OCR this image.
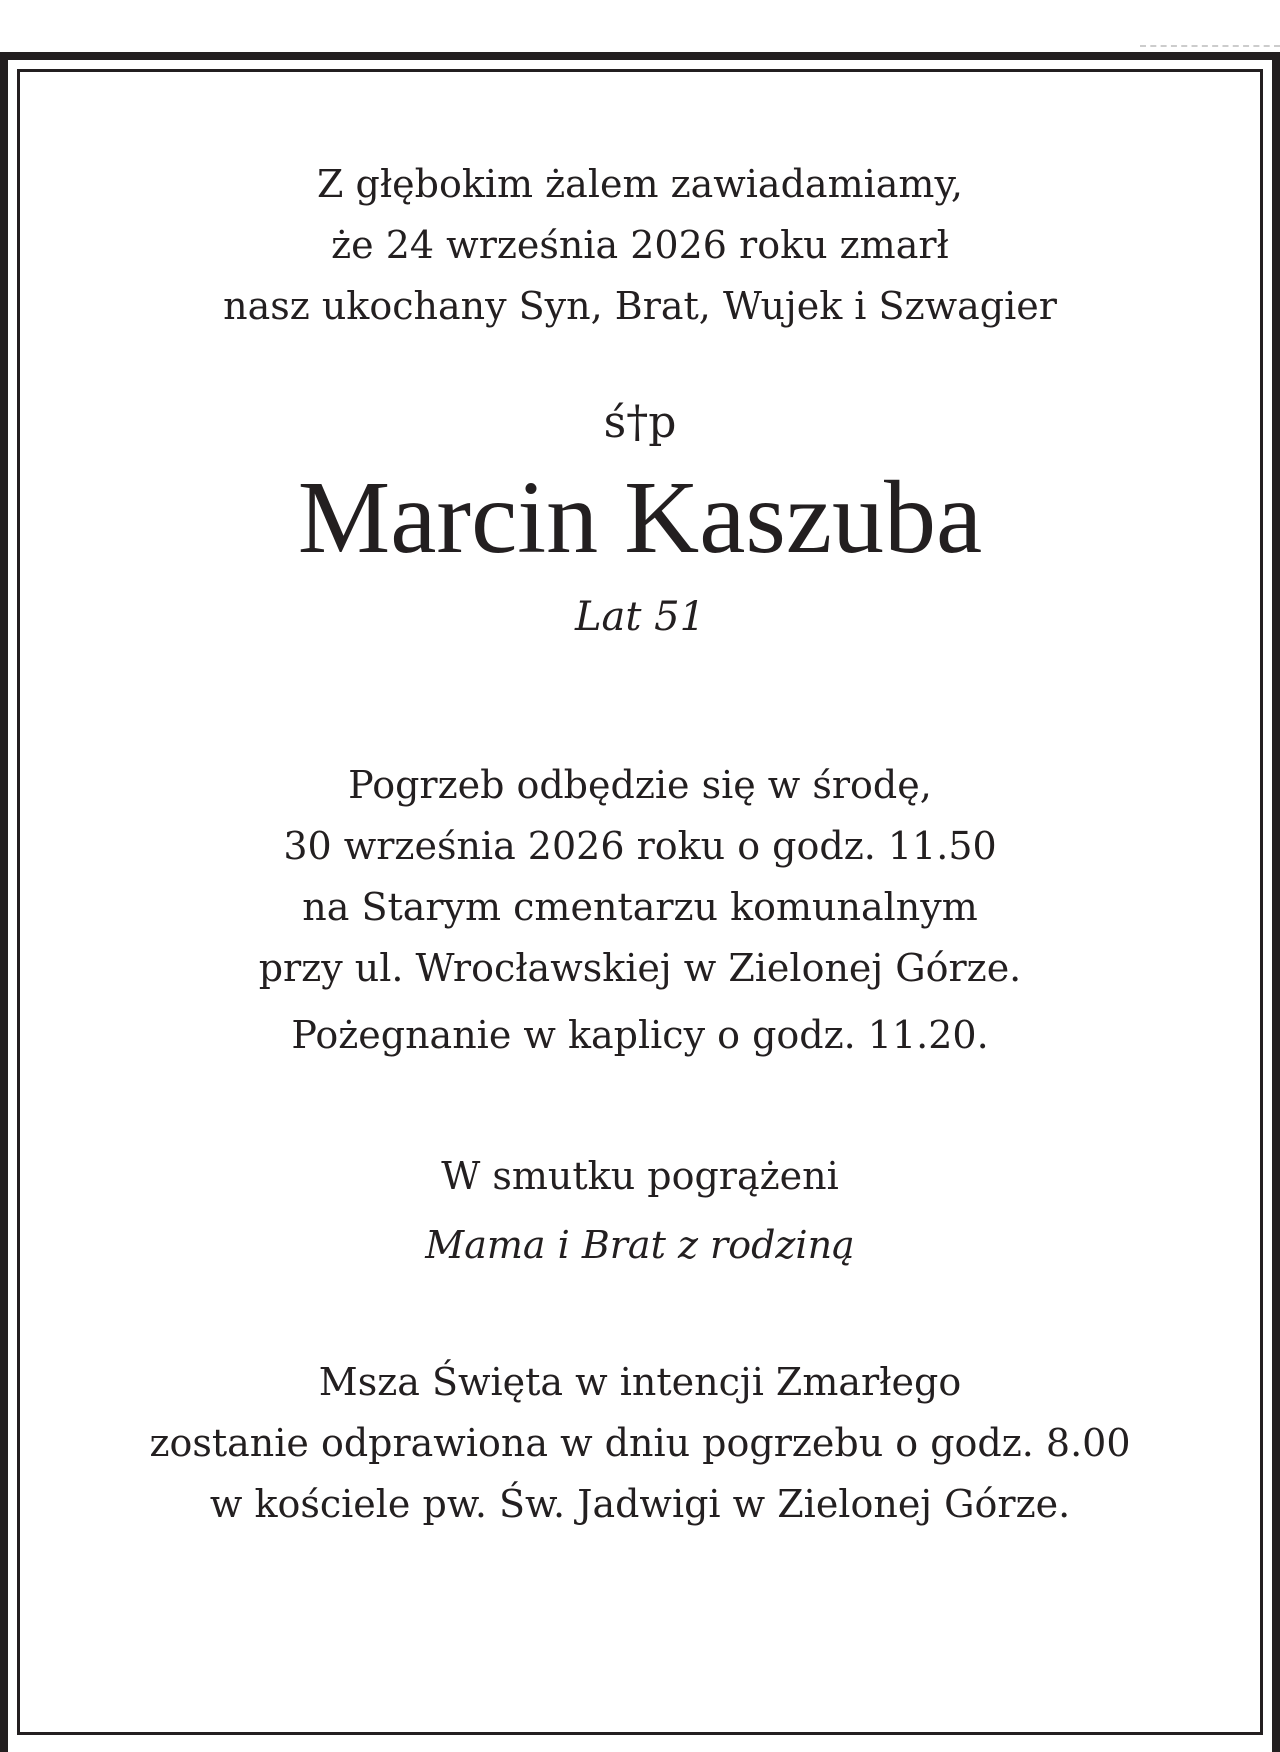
Z głębokim żalem zawiadamiamy,
że 24 września 2026 roku zmarł
nasz ukochany Syn, Brat, Wujek i Szwagier

ś†p

Marcin Kaszuba

Lat 51

Pogrzeb odbędzie się w środę,
30 września 2026 roku o godz. 11.50
na Starym cmentarzu komunalnym
przy ul. Wrocławskiej w Zielonej Górze.

Pożegnanie w kaplicy o godz. 11.20.

W smutku pogrążeni

Mama i Brat z rodziną

Msza Święta w intencji Zmarłego
zostanie odprawiona w dniu pogrzebu o godz. 8.00
w kościele pw. Św. Jadwigi w Zielonej Górze.
